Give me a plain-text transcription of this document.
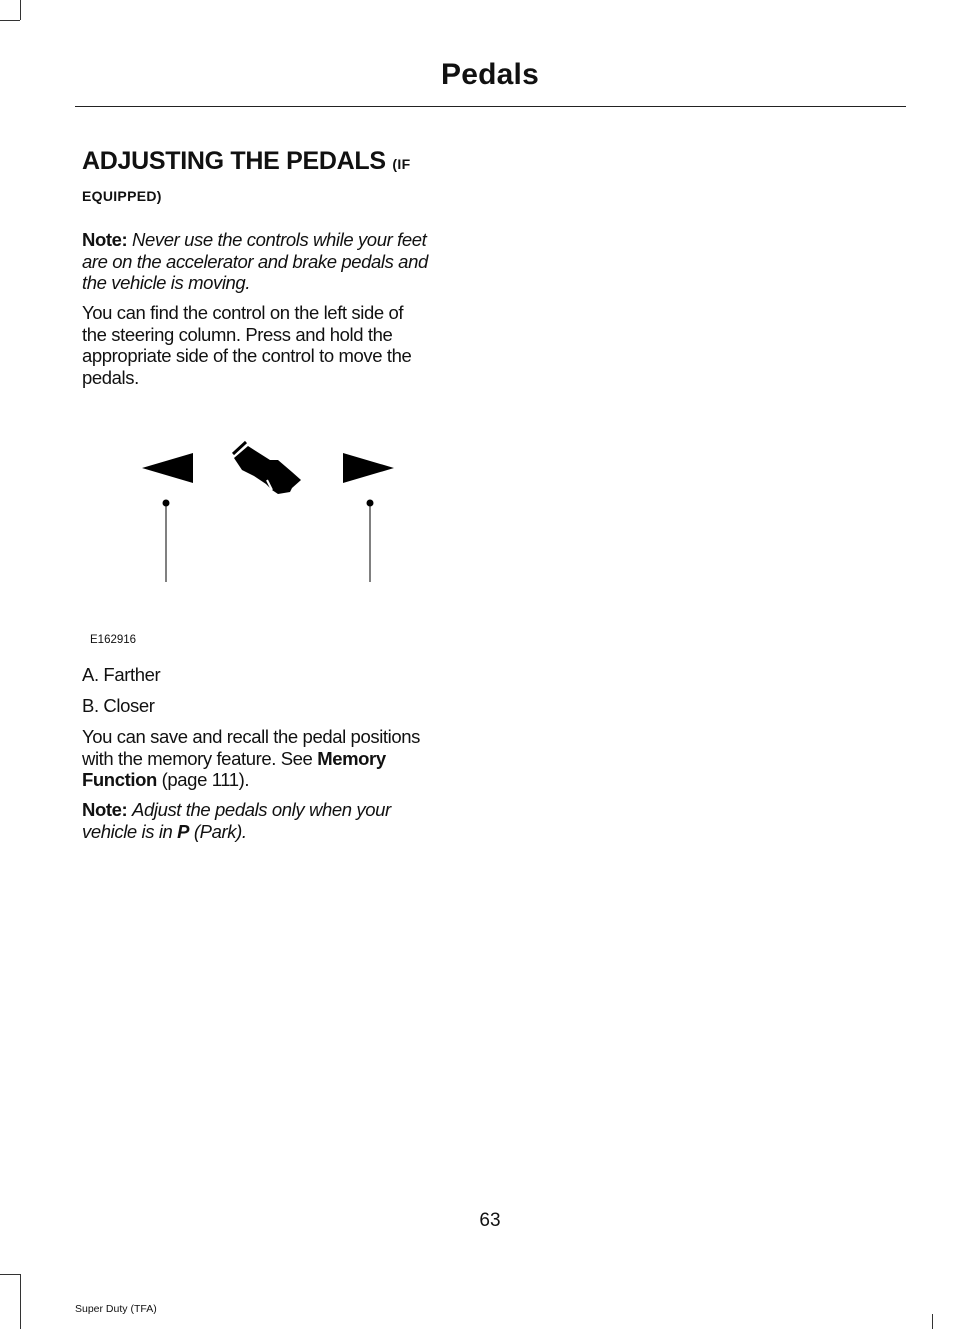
Pedals
ADJUSTING THE PEDALS (IF
EQUIPPED)

Note: Never use the controls while your feet

are on the accelerator and brake pedals and

the vehicle is moving.

You can find the control on the left side of

the steering column. Press and hold the

appropriate side of the control to move the

pedals.

E162916

A. Farther

B. Closer

You can save and recall the pedal positions

with the memory feature. See Memory

Function (page 111).

Note: Adjust the pedals only when your

vehicle is in P (Park).

63
Super Duty (TFA)
